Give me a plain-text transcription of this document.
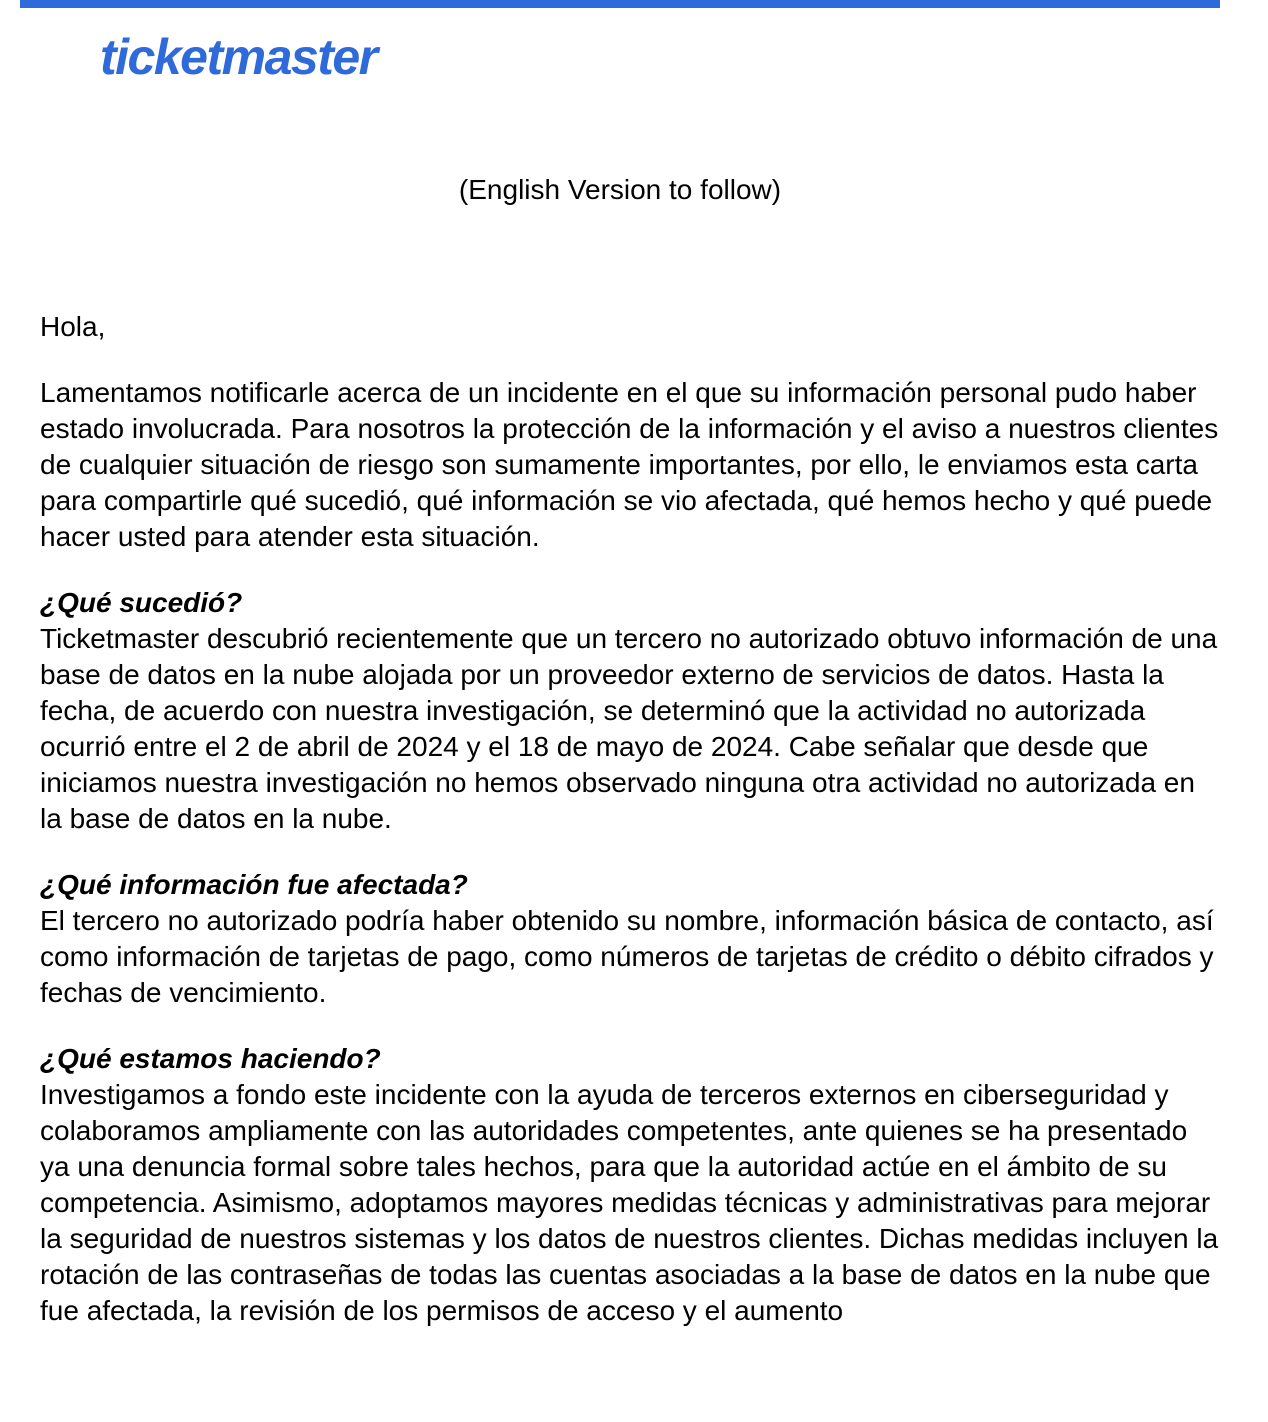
ticketmaster
(English Version to follow)

Hola,

Lamentamos notificarle acerca de un incidente en el que su información personal pudo haber estado involucrada. Para nosotros la protección de la información y el aviso a nuestros clientes de cualquier situación de riesgo son sumamente importantes, por ello, le enviamos esta carta para compartirle qué sucedió, qué información se vio afectada, qué hemos hecho y qué puede hacer usted para atender esta situación.

¿Qué sucedió?
Ticketmaster descubrió recientemente que un tercero no autorizado obtuvo información de una base de datos en la nube alojada por un proveedor externo de servicios de datos. Hasta la fecha, de acuerdo con nuestra investigación, se determinó que la actividad no autorizada ocurrió entre el 2 de abril de 2024 y el 18 de mayo de 2024. Cabe señalar que desde que iniciamos nuestra investigación no hemos observado ninguna otra actividad no autorizada en la base de datos en la nube.
¿Qué información fue afectada?
El tercero no autorizado podría haber obtenido su nombre, información básica de contacto, así como información de tarjetas de pago, como números de tarjetas de crédito o débito cifrados y fechas de vencimiento.
¿Qué estamos haciendo?
Investigamos a fondo este incidente con la ayuda de terceros externos en ciberseguridad y colaboramos ampliamente con las autoridades competentes, ante quienes se ha presentado ya una denuncia formal sobre tales hechos, para que la autoridad actúe en el ámbito de su competencia. Asimismo, adoptamos mayores medidas técnicas y administrativas para mejorar la seguridad de nuestros sistemas y los datos de nuestros clientes. Dichas medidas incluyen la rotación de las contraseñas de todas las cuentas asociadas a la base de datos en la nube que fue afectada, la revisión de los permisos de acceso y el aumento
